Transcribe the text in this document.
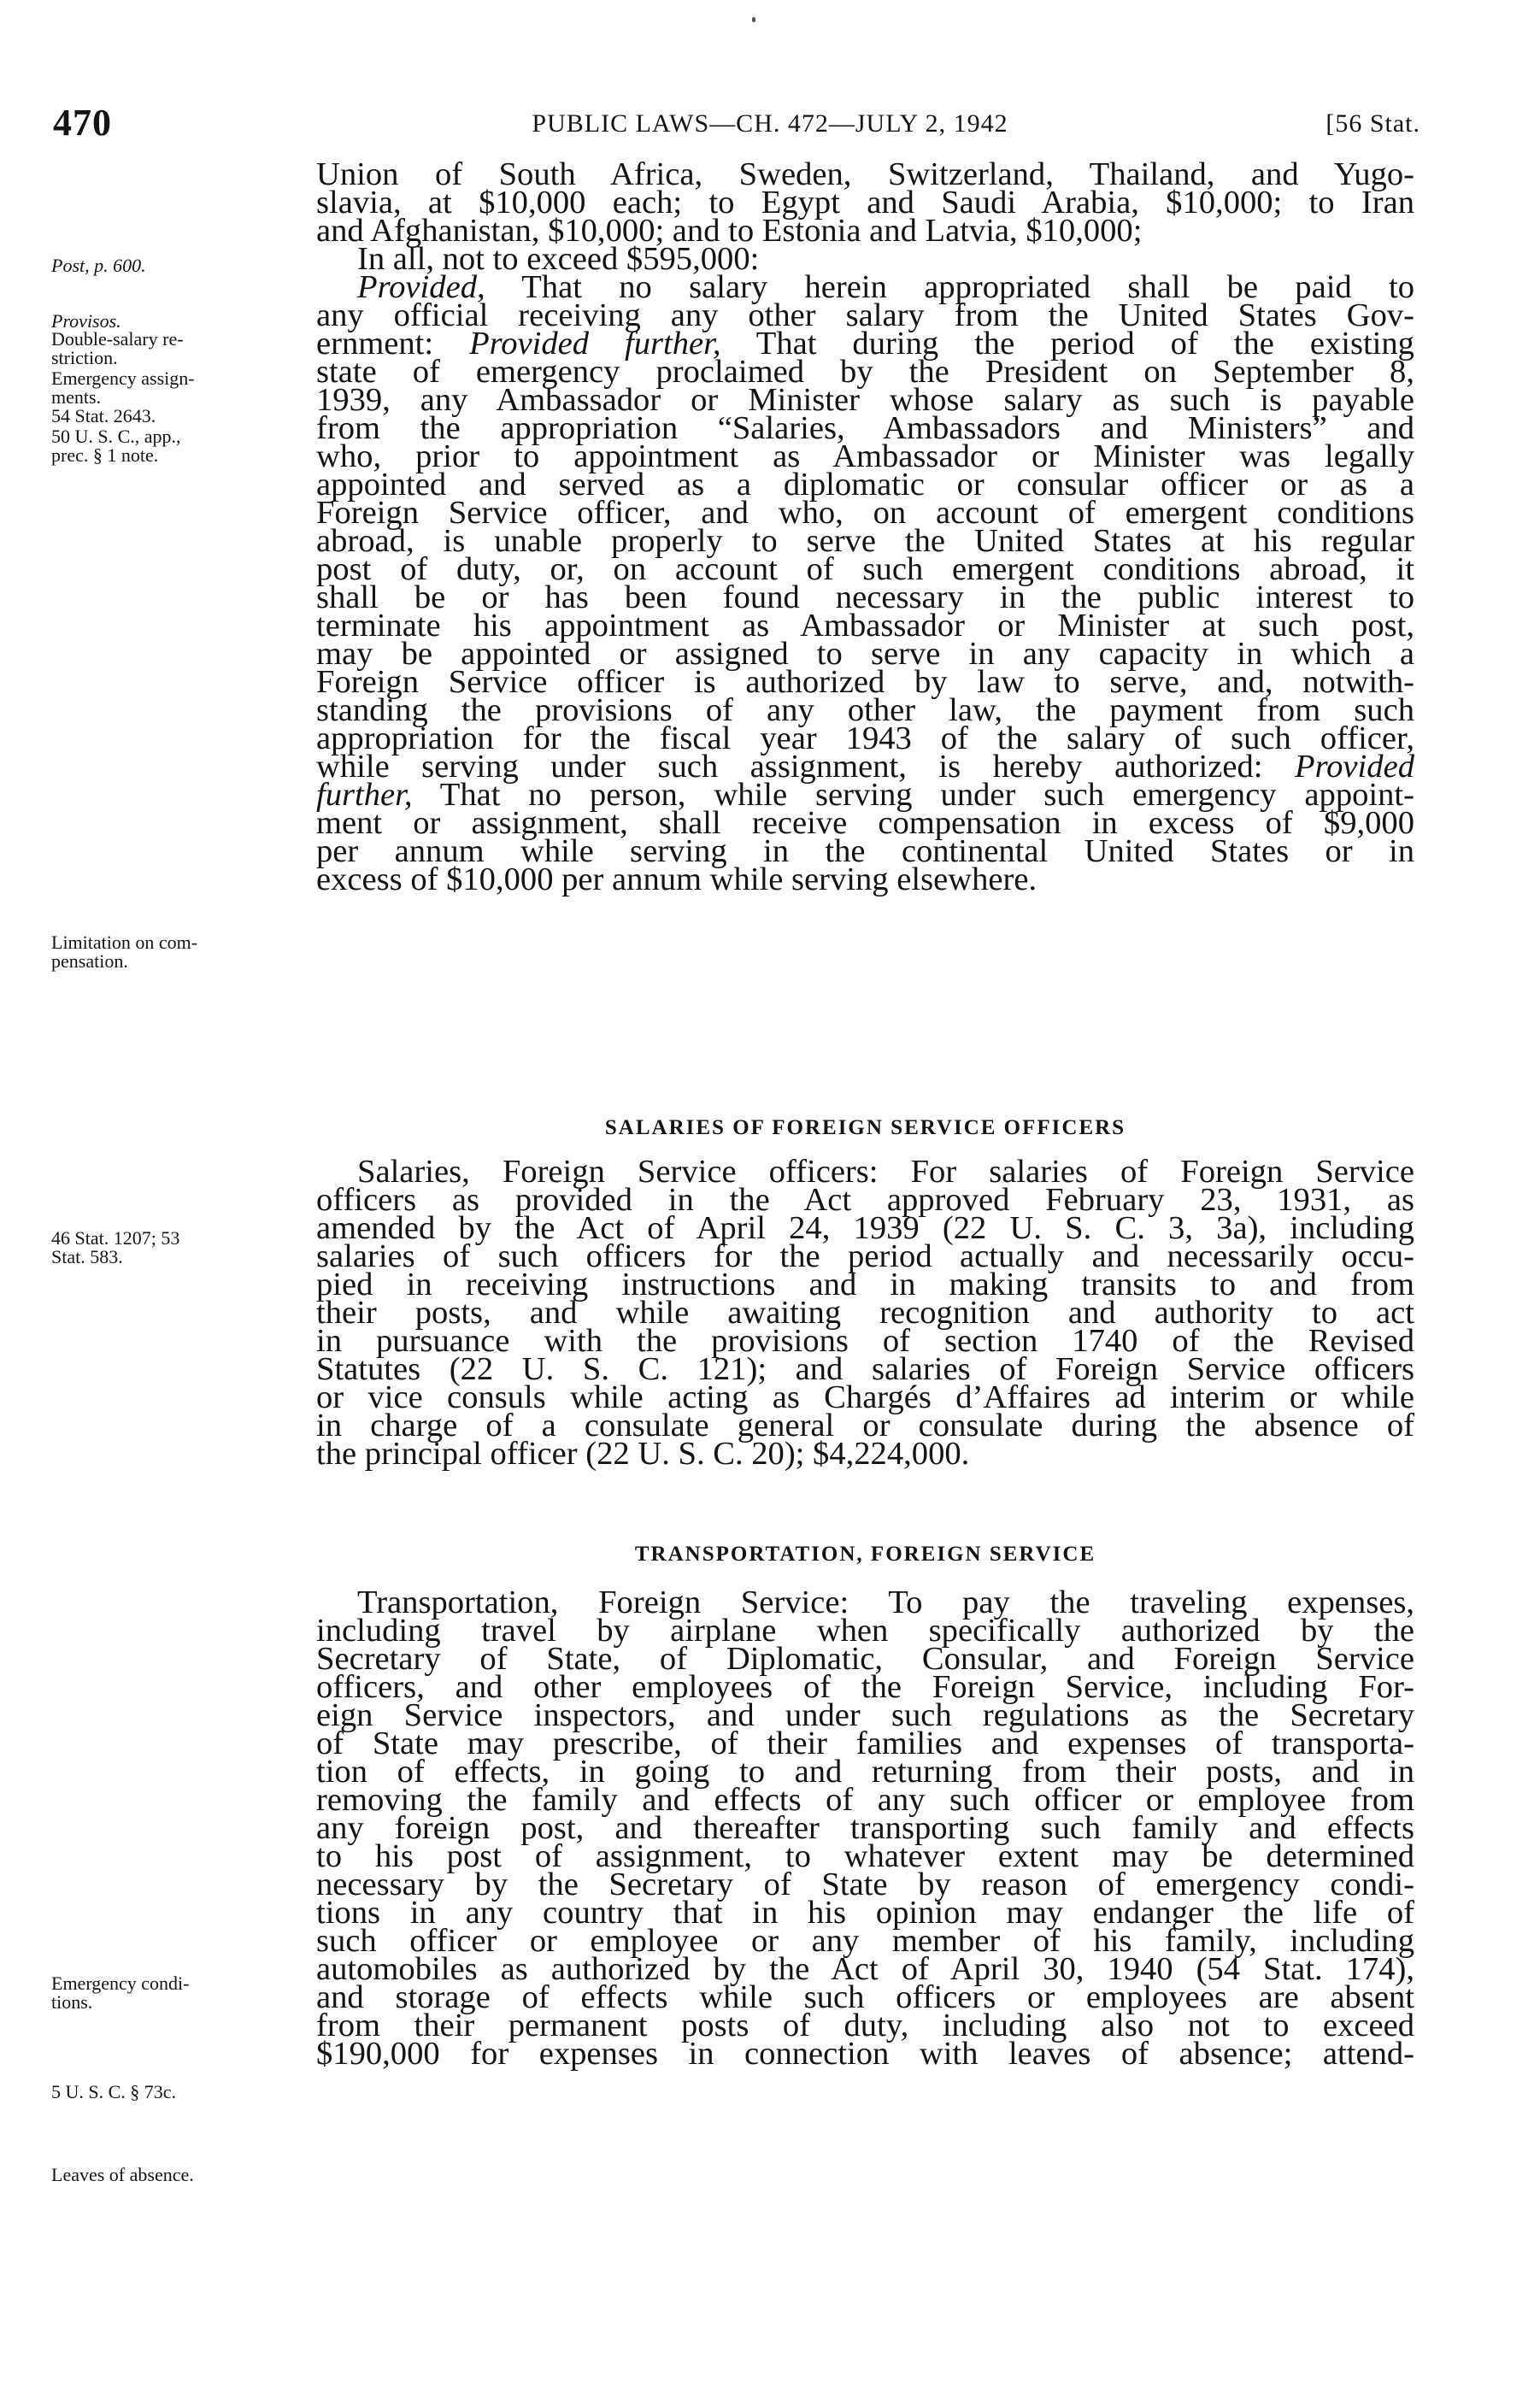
470	PUBLIC LAWS—CH. 472—JULY 2, 1942	[56 Stat.
Post, p. 600.
Provisos.
Double-salary re-
striction.
Emergency assign-
ments.
54 Stat. 2643.
50 U. S. C., app.,
prec. § 1 note.
Limitation on com-
pensation.
46 Stat. 1207; 53
Stat. 583.
Emergency condi-
tions.
5 U. S. C. § 73c.
Leaves of absence.
Union of South Africa, Sweden, Switzerland, Thailand, and Yugo-
slavia, at $10,000 each; to Egypt and Saudi Arabia, $10,000; to Iran
and Afghanistan, $10,000; and to Estonia and Latvia, $10,000;
In all, not to exceed $595,000:
Provided, That no salary herein appropriated shall be paid to
any official receiving any other salary from the United States Gov-
ernment: Provided further, That during the period of the existing
state of emergency proclaimed by the President on September 8,
1939, any Ambassador or Minister whose salary as such is payable
from the appropriation “Salaries, Ambassadors and Ministers” and
who, prior to appointment as Ambassador or Minister was legally
appointed and served as a diplomatic or consular officer or as a
Foreign Service officer, and who, on account of emergent conditions
abroad, is unable properly to serve the United States at his regular
post of duty, or, on account of such emergent conditions abroad, it
shall be or has been found necessary in the public interest to
terminate his appointment as Ambassador or Minister at such post,
may be appointed or assigned to serve in any capacity in which a
Foreign Service officer is authorized by law to serve, and, notwith-
standing the provisions of any other law, the payment from such
appropriation for the fiscal year 1943 of the salary of such officer,
while serving under such assignment, is hereby authorized: Provided
further, That no person, while serving under such emergency appoint-
ment or assignment, shall receive compensation in excess of $9,000
per annum while serving in the continental United States or in
excess of $10,000 per annum while serving elsewhere.
SALARIES OF FOREIGN SERVICE OFFICERS
Salaries, Foreign Service officers: For salaries of Foreign Service
officers as provided in the Act approved February 23, 1931, as
amended by the Act of April 24, 1939 (22 U. S. C. 3, 3a), including
salaries of such officers for the period actually and necessarily occu-
pied in receiving instructions and in making transits to and from
their posts, and while awaiting recognition and authority to act
in pursuance with the provisions of section 1740 of the Revised
Statutes (22 U. S. C. 121); and salaries of Foreign Service officers
or vice consuls while acting as Chargés d’Affaires ad interim or while
in charge of a consulate general or consulate during the absence of
the principal officer (22 U. S. C. 20); $4,224,000.
TRANSPORTATION, FOREIGN SERVICE
Transportation, Foreign Service: To pay the traveling expenses,
including travel by airplane when specifically authorized by the
Secretary of State, of Diplomatic, Consular, and Foreign Service
officers, and other employees of the Foreign Service, including For-
eign Service inspectors, and under such regulations as the Secretary
of State may prescribe, of their families and expenses of transporta-
tion of effects, in going to and returning from their posts, and in
removing the family and effects of any such officer or employee from
any foreign post, and thereafter transporting such family and effects
to his post of assignment, to whatever extent may be determined
necessary by the Secretary of State by reason of emergency condi-
tions in any country that in his opinion may endanger the life of
such officer or employee or any member of his family, including
automobiles as authorized by the Act of April 30, 1940 (54 Stat. 174),
and storage of effects while such officers or employees are absent
from their permanent posts of duty, including also not to exceed
$190,000 for expenses in connection with leaves of absence; attend-
